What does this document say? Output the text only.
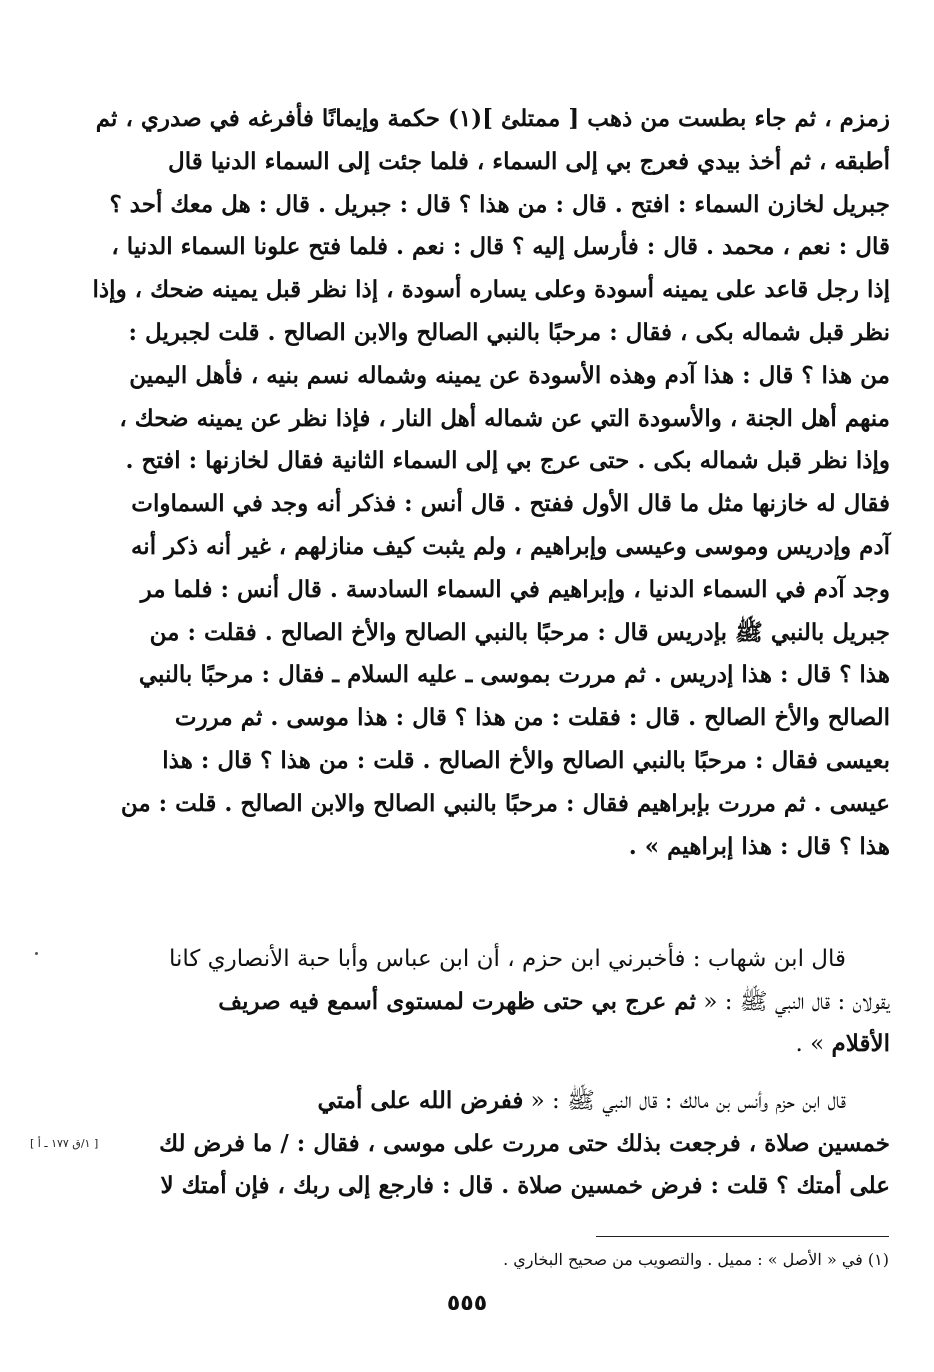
زمزم ، ثم جاء بطست من ذهب [ ممتلئ ](١) حكمة وإيمانًا فأفرغه في صدري ، ثم
أطبقه ، ثم أخذ بيدي فعرج بي إلى السماء ، فلما جئت إلى السماء الدنيا قال
جبريل لخازن السماء : افتح . قال : من هذا ؟ قال : جبريل . قال : هل معك أحد ؟
قال : نعم ، محمد . قال : فأرسل إليه ؟ قال : نعم . فلما فتح علونا السماء الدنيا ،
إذا رجل قاعد على يمينه أسودة وعلى يساره أسودة ، إذا نظر قبل يمينه ضحك ، وإذا
نظر قبل شماله بكى ، فقال : مرحبًا بالنبي الصالح والابن الصالح . قلت لجبريل :
من هذا ؟ قال : هذا آدم وهذه الأسودة عن يمينه وشماله نسم بنيه ، فأهل اليمين
منهم أهل الجنة ، والأسودة التي عن شماله أهل النار ، فإذا نظر عن يمينه ضحك ،
وإذا نظر قبل شماله بكى . حتى عرج بي إلى السماء الثانية فقال لخازنها : افتح .
فقال له خازنها مثل ما قال الأول ففتح . قال أنس : فذكر أنه وجد في السماوات
آدم وإدريس وموسى وعيسى وإبراهيم ، ولم يثبت كيف منازلهم ، غير أنه ذكر أنه
وجد آدم في السماء الدنيا ، وإبراهيم في السماء السادسة . قال أنس : فلما مر
جبريل بالنبي ﷺ بإدريس قال : مرحبًا بالنبي الصالح والأخ الصالح . فقلت : من
هذا ؟ قال : هذا إدريس . ثم مررت بموسى ـ عليه السلام ـ فقال : مرحبًا بالنبي
الصالح والأخ الصالح . قال : فقلت : من هذا ؟ قال : هذا موسى . ثم مررت
بعيسى فقال : مرحبًا بالنبي الصالح والأخ الصالح . قلت : من هذا ؟ قال : هذا
عيسى . ثم مررت بإبراهيم فقال : مرحبًا بالنبي الصالح والابن الصالح . قلت : من
هذا ؟ قال : هذا إبراهيم » .
قال ابن شهاب : فأخبرني ابن حزم ، أن ابن عباس وأبا حبة الأنصاري كانا
يقولان : قال النبي ﷺ : « ثم عرج بي حتى ظهرت لمستوى أسمع فيه صريف
الأقلام » .
قال ابن حزم وأنس بن مالك : قال النبي ﷺ : « ففرض الله على أمتي
خمسين صلاة ، فرجعت بذلك حتى مررت على موسى ، فقال : / ما فرض لك
على أمتك ؟ قلت : فرض خمسين صلاة . قال : فارجع إلى ربك ، فإن أمتك لا
[ ١/ق ١٧٧ ـ أ ]
(١) في « الأصل » : مميل . والتصويب من صحيح البخاري .
٥٥٥
